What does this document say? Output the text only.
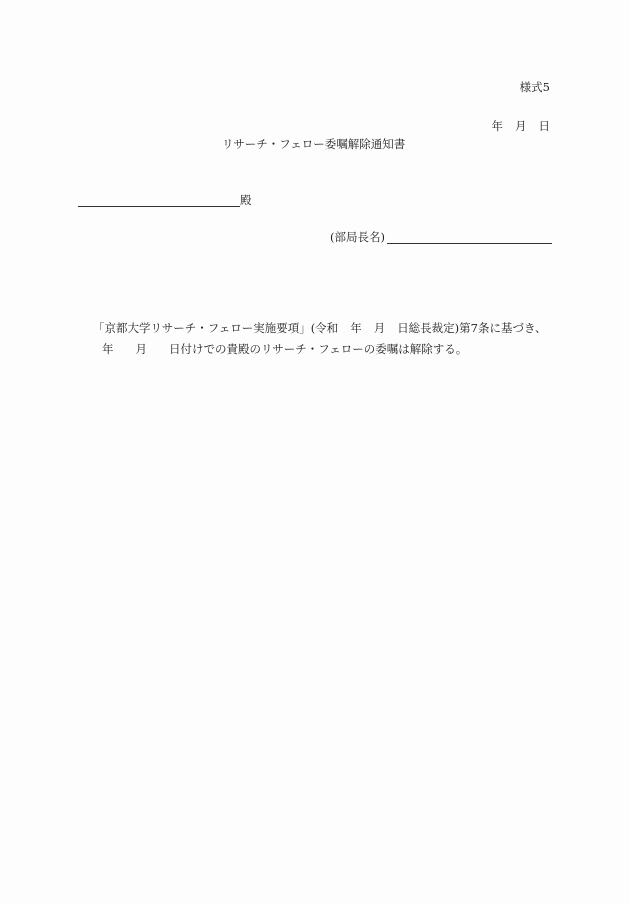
様式5
年 月 日
リサーチ・フェロー委嘱解除通知書
殿
(部局長名)
「京都大学リサーチ・フェロー実施要項」(令和 年 月 日総長裁定)第7条に基づき、
年 月 日付けでの貴殿のリサーチ・フェローの委嘱は解除する。
